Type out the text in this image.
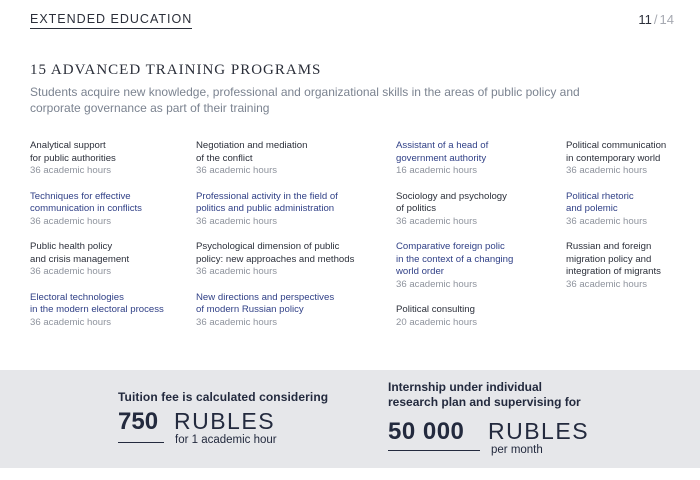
EXTENDED EDUCATION	11 / 14
15 ADVANCED TRAINING PROGRAMS
Students acquire new knowledge, professional and organizational skills in the areas of public policy and corporate governance as part of their training
Analytical support
for public authorities
36 academic hours
Techniques for effective
communication in conflicts
36 academic hours
Public health policy
and crisis management
36 academic hours
Electoral technologies
in the modern electoral process
36 academic hours
Negotiation and mediation
of the conflict
36 academic hours
Professional activity in the field of
politics and public administration
36 academic hours
Psychological dimension of public
policy: new approaches and methods
36 academic hours
New directions and perspectives
of modern Russian policy
36 academic hours
Assistant of a head of
government authority
16 academic hours
Sociology and psychology
of politics
36 academic hours
Comparative foreign polic
in the context of a changing
world order
36 academic hours
Political consulting
20 academic hours
Political communication
in contemporary world
36 academic hours
Political rhetoric
and polemic
36 academic hours
Russian and foreign
migration policy and
integration of migrants
36 academic hours
Tuition fee is calculated considering
750 RUBLES
for 1 academic hour
Internship under individual research plan and supervising for
50 000 RUBLES
per month
